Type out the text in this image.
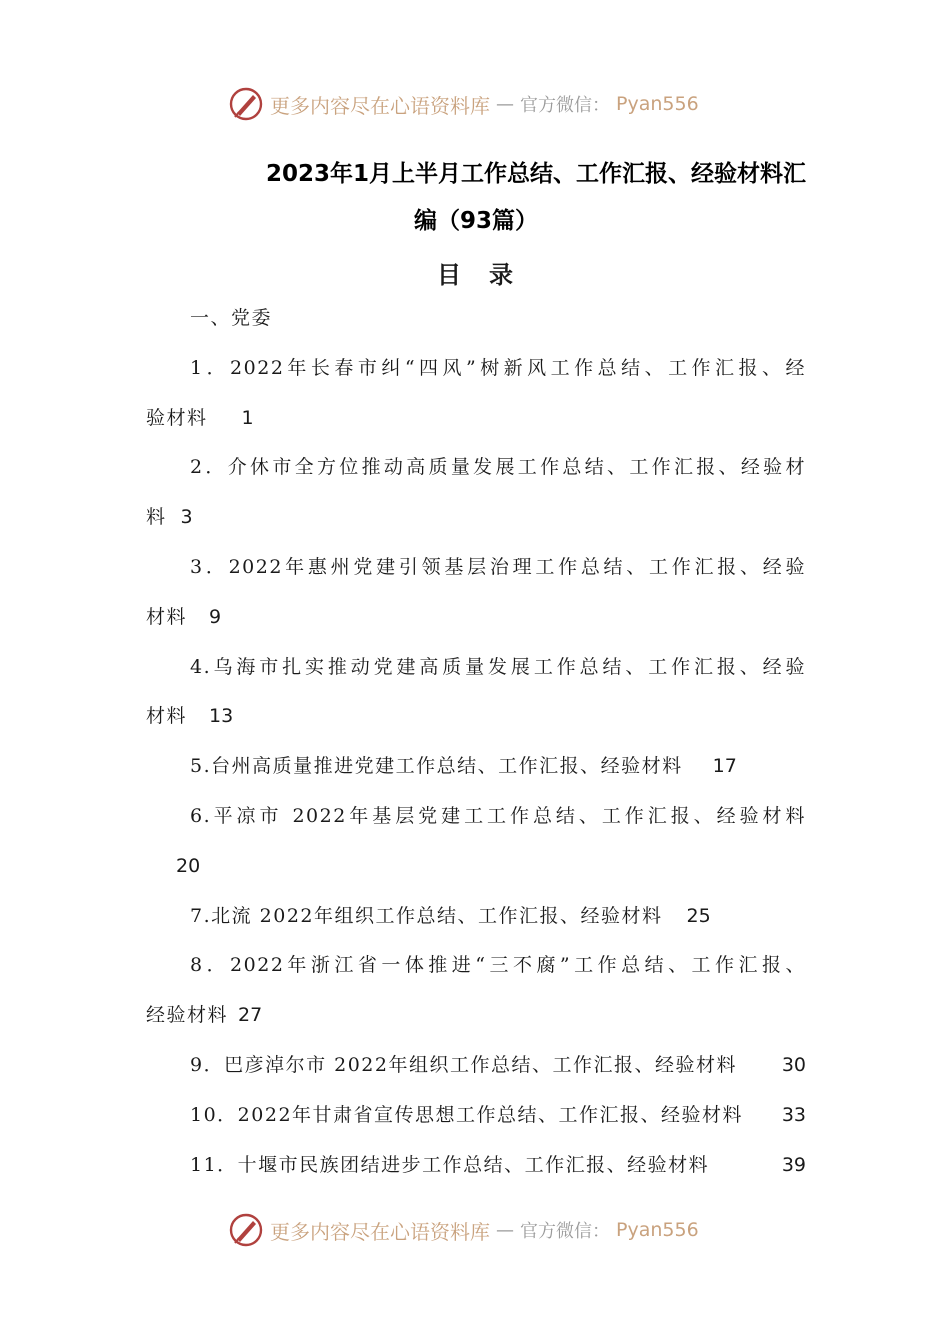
更多内容尽在心语资料库 — 官方微信： Pyan556
2023年1月上半月工作总结、工作汇报、经验材料汇
编（93篇）
目录
一、党委
1．2022年长春市纠“四风”树新风工作总结、工作汇报、经
验材料 1
2．介休市全方位推动高质量发展工作总结、工作汇报、经验材
料 3
3．2022年惠州党建引领基层治理工作总结、工作汇报、经验
材料 9
4.乌海市扎实推动党建高质量发展工作总结、工作汇报、经验
材料 13
5.台州高质量推进党建工作总结、工作汇报、经验材料 17
6.平凉市 2022年基层党建工工作总结、工作汇报、经验材料
20
7.北流 2022年组织工作总结、工作汇报、经验材料 25
8．2022年浙江省一体推进“三不腐”工作总结、工作汇报、
经验材料 27
9．巴彦淖尔市 2022年组织工作总结、工作汇报、经验材料 30
10．2022年甘肃省宣传思想工作总结、工作汇报、经验材料 33
11．十堰市民族团结进步工作总结、工作汇报、经验材料	39
更多内容尽在心语资料库 — 官方微信： Pyan556
